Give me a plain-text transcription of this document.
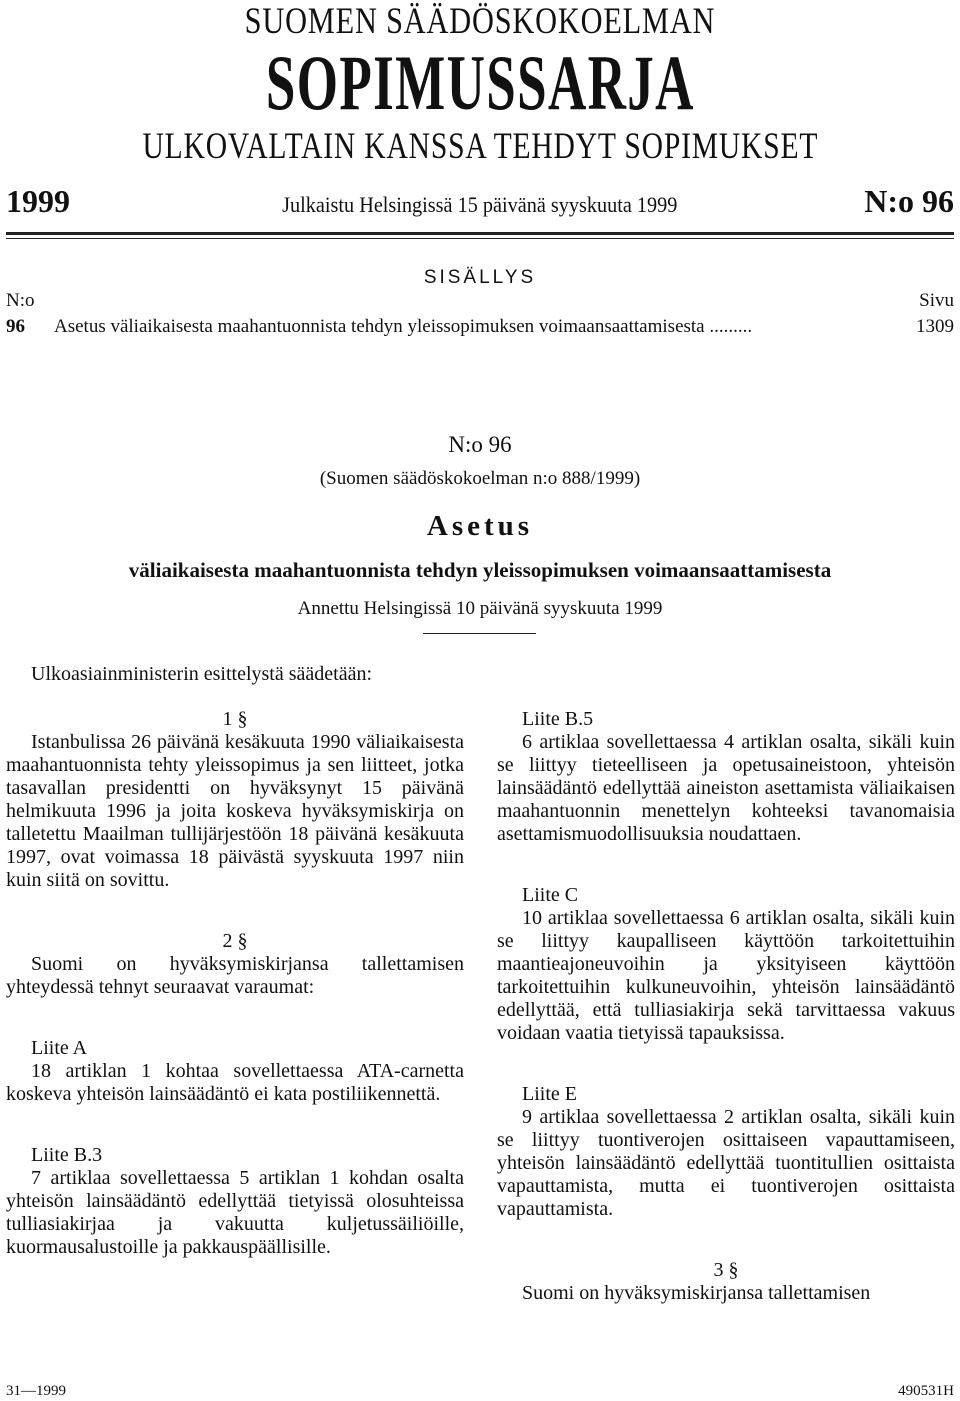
SUOMEN SÄÄDÖSKOKOELMAN
SOPIMUSSARJA
ULKOVALTAIN KANSSA TEHDYT SOPIMUKSET
1999	Julkaistu Helsingissä 15 päivänä syyskuuta 1999	N:o 96
SISÄLLYS
N:o	Sivu
96 Asetus väliaikaisesta maahantuonnista tehdyn yleissopimuksen voimaansaattamisesta .........	1309
N:o 96
(Suomen säädöskokoelman n:o 888/1999)
Asetus
väliaikaisesta maahantuonnista tehdyn yleissopimuksen voimaansaattamisesta
Annettu Helsingissä 10 päivänä syyskuuta 1999
Ulkoasiainministerin esittelystä säädetään:

1 §

Istanbulissa 26 päivänä kesäkuuta 1990 väliaikaisesta maahantuonnista tehty yleissopimus ja sen liitteet, jotka tasavallan presidentti on hyväksynyt 15 päivänä helmikuuta 1996 ja joita koskeva hyväksymiskirja on talletettu Maailman tullijärjestöön 18 päivänä kesäkuuta 1997, ovat voimassa 18 päivästä syyskuuta 1997 niin kuin siitä on sovittu.

2 §

Suomi on hyväksymiskirjansa tallettamisen yhteydessä tehnyt seuraavat varaumat:

Liite A

18 artiklan 1 kohtaa sovellettaessa ATA-carnetta koskeva yhteisön lainsäädäntö ei kata postiliikennettä.

Liite B.3

7 artiklaa sovellettaessa 5 artiklan 1 kohdan osalta yhteisön lainsäädäntö edellyttää tietyissä olosuhteissa tulliasiakirjaa ja vakuutta kuljetussäiliöille, kuormausalustoille ja pakkauspäällisille.

Liite B.5

6 artiklaa sovellettaessa 4 artiklan osalta, sikäli kuin se liittyy tieteelliseen ja opetusaineistoon, yhteisön lainsäädäntö edellyttää aineiston asettamista väliaikaisen maahantuonnin menettelyn kohteeksi tavanomaisia asettamismuodollisuuksia noudattaen.

Liite C

10 artiklaa sovellettaessa 6 artiklan osalta, sikäli kuin se liittyy kaupalliseen käyttöön tarkoitettuihin maantieajoneuvoihin ja yksityiseen käyttöön tarkoitettuihin kulkuneuvoihin, yhteisön lainsäädäntö edellyttää, että tulliasiakirja sekä tarvittaessa vakuus voidaan vaatia tietyissä tapauksissa.

Liite E

9 artiklaa sovellettaessa 2 artiklan osalta, sikäli kuin se liittyy tuontiverojen osittaiseen vapauttamiseen, yhteisön lainsäädäntö edellyttää tuontitullien osittaista vapauttamista, mutta ei tuontiverojen osittaista vapauttamista.

3 §

Suomi on hyväksymiskirjansa tallettamisen

31—1999	490531H
